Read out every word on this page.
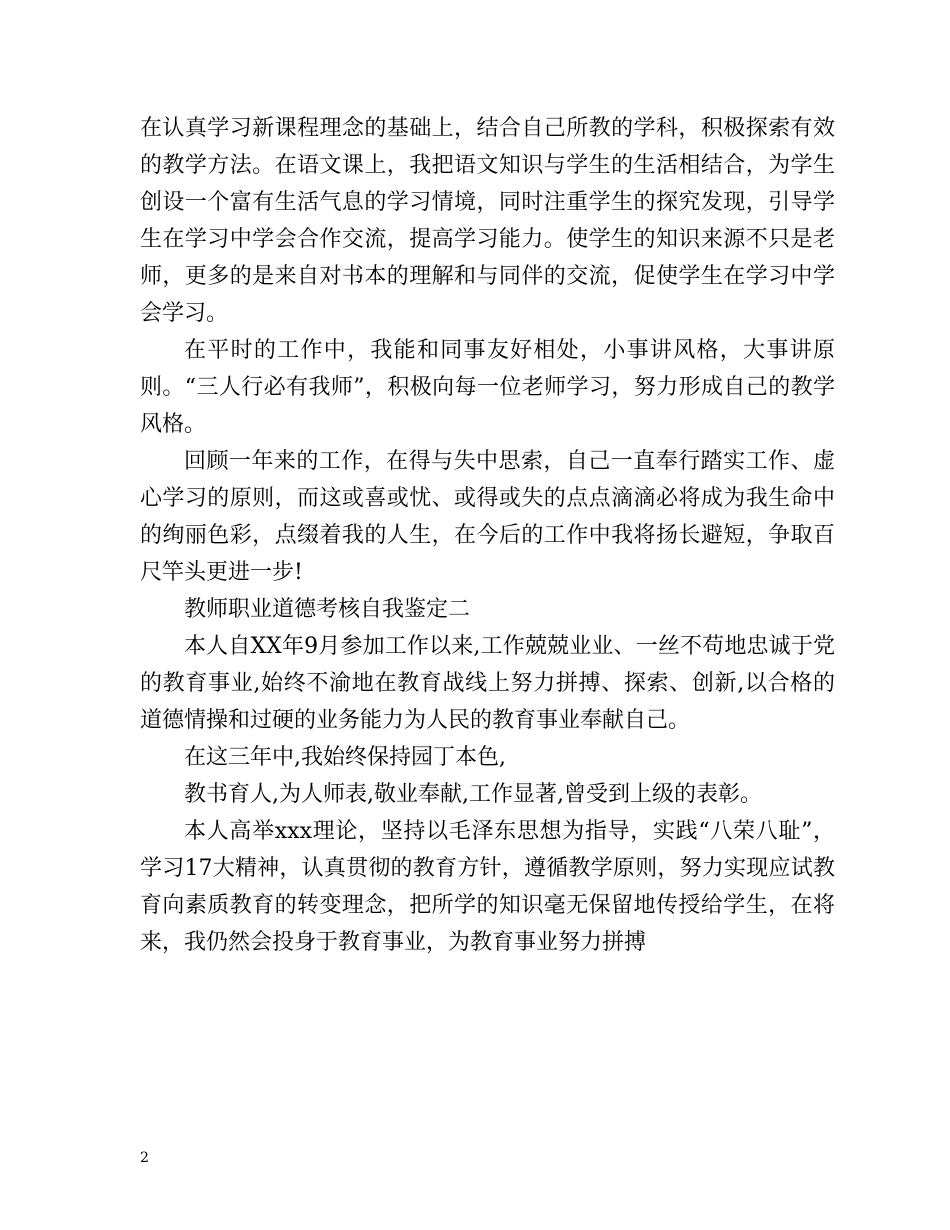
在认真学习新课程理念的基础上，结合自己所教的学科，积极探索有效的教学方法。在语文课上，我把语文知识与学生的生活相结合，为学生创设一个富有生活气息的学习情境，同时注重学生的探究发现，引导学生在学习中学会合作交流，提高学习能力。使学生的知识来源不只是老师，更多的是来自对书本的理解和与同伴的交流，促使学生在学习中学会学习。

在平时的工作中，我能和同事友好相处，小事讲风格，大事讲原则。“三人行必有我师”，积极向每一位老师学习，努力形成自己的教学风格。

回顾一年来的工作，在得与失中思索，自己一直奉行踏实工作、虚心学习的原则，而这或喜或忧、或得或失的点点滴滴必将成为我生命中的绚丽色彩，点缀着我的人生，在今后的工作中我将扬长避短，争取百尺竿头更进一步!

教师职业道德考核自我鉴定二

本人自XX年9月参加工作以来,工作兢兢业业、一丝不苟地忠诚于党的教育事业,始终不渝地在教育战线上努力拼搏、探索、创新,以合格的道德情操和过硬的业务能力为人民的教育事业奉献自己。

在这三年中,我始终保持园丁本色,

教书育人,为人师表,敬业奉献,工作显著,曾受到上级的表彰。

本人高举xxx理论，坚持以毛泽东思想为指导，实践“八荣八耻”，学习17大精神，认真贯彻的教育方针，遵循教学原则，努力实现应试教育向素质教育的转变理念，把所学的知识毫无保留地传授给学生，在将来，我仍然会投身于教育事业，为教育事业努力拼搏

2
